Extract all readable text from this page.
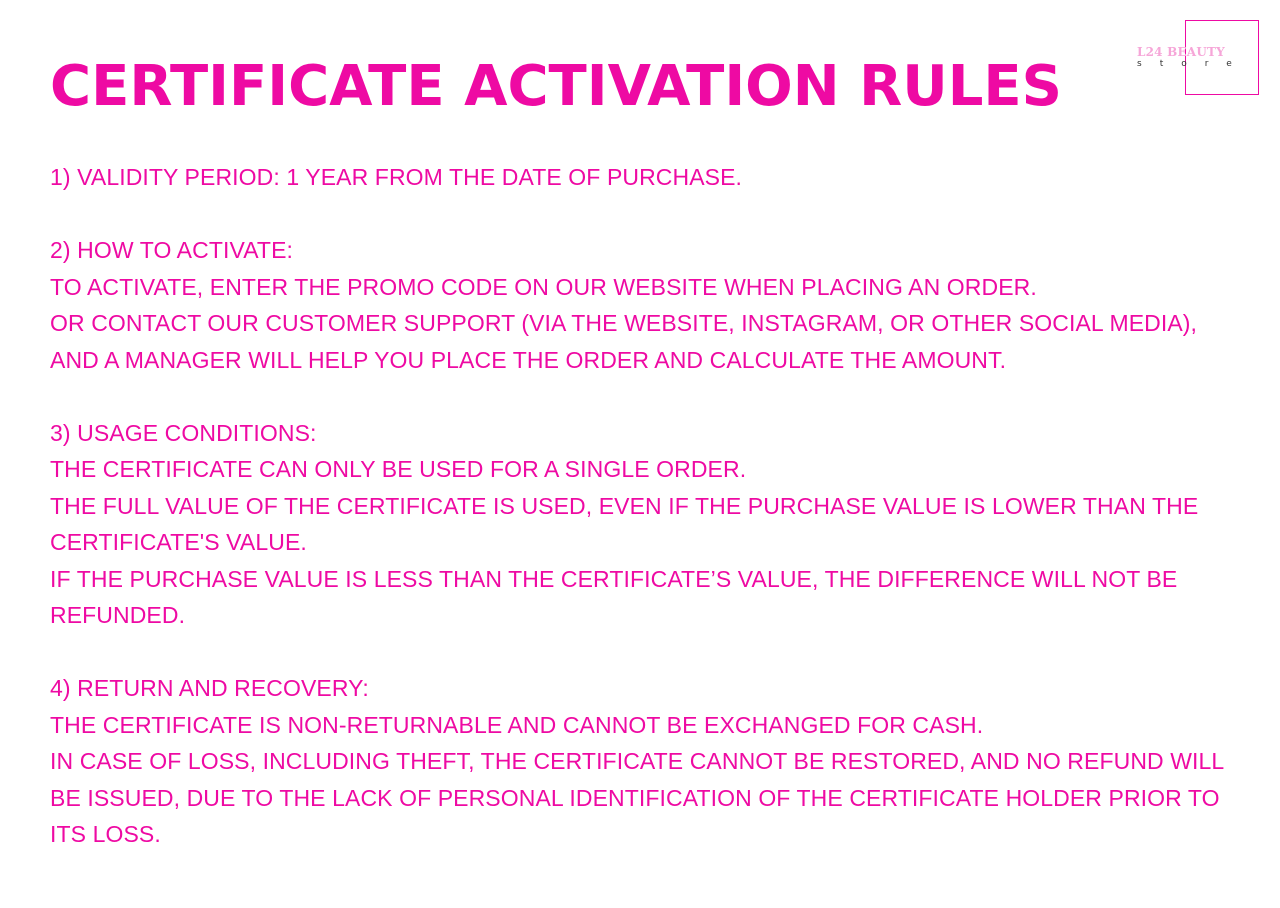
CERTIFICATE ACTIVATION RULES
L24 BEAUTY
store
1) VALIDITY PERIOD: 1 YEAR FROM THE DATE OF PURCHASE.
2) HOW TO ACTIVATE:
TO ACTIVATE, ENTER THE PROMO CODE ON OUR WEBSITE WHEN PLACING AN ORDER.
OR CONTACT OUR CUSTOMER SUPPORT (VIA THE WEBSITE, INSTAGRAM, OR OTHER SOCIAL MEDIA),
AND A MANAGER WILL HELP YOU PLACE THE ORDER AND CALCULATE THE AMOUNT.
3) USAGE CONDITIONS:
THE CERTIFICATE CAN ONLY BE USED FOR A SINGLE ORDER.
THE FULL VALUE OF THE CERTIFICATE IS USED, EVEN IF THE PURCHASE VALUE IS LOWER THAN THE
CERTIFICATE'S VALUE.
IF THE PURCHASE VALUE IS LESS THAN THE CERTIFICATE’S VALUE, THE DIFFERENCE WILL NOT BE
REFUNDED.
4) RETURN AND RECOVERY:
THE CERTIFICATE IS NON-RETURNABLE AND CANNOT BE EXCHANGED FOR CASH.
IN CASE OF LOSS, INCLUDING THEFT, THE CERTIFICATE CANNOT BE RESTORED, AND NO REFUND WILL
BE ISSUED, DUE TO THE LACK OF PERSONAL IDENTIFICATION OF THE CERTIFICATE HOLDER PRIOR TO
ITS LOSS.
